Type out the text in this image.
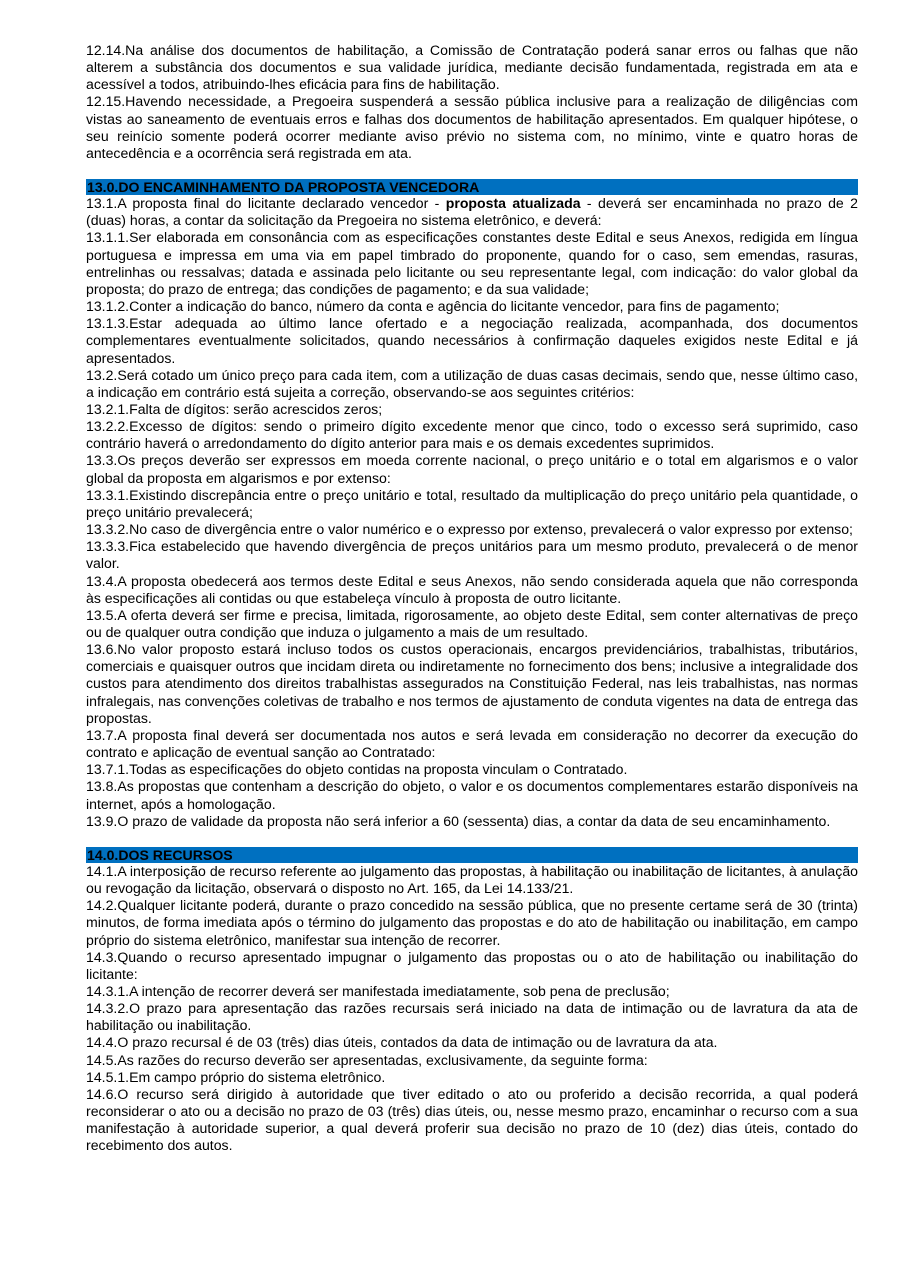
12.14.Na análise dos documentos de habilitação, a Comissão de Contratação poderá sanar erros ou falhas que não alterem a substância dos documentos e sua validade jurídica, mediante decisão fundamentada, registrada em ata e acessível a todos, atribuindo-lhes eficácia para fins de habilitação.

12.15.Havendo necessidade, a Pregoeira suspenderá a sessão pública inclusive para a realização de diligências com vistas ao saneamento de eventuais erros e falhas dos documentos de habilitação apresentados. Em qualquer hipótese, o seu reinício somente poderá ocorrer mediante aviso prévio no sistema com, no mínimo, vinte e quatro horas de antecedência e a ocorrência será registrada em ata.

13.0.DO ENCAMINHAMENTO DA PROPOSTA VENCEDORA

13.1.A proposta final do licitante declarado vencedor - proposta atualizada - deverá ser encaminhada no prazo de 2 (duas) horas, a contar da solicitação da Pregoeira no sistema eletrônico, e deverá:

13.1.1.Ser elaborada em consonância com as especificações constantes deste Edital e seus Anexos, redigida em língua portuguesa e impressa em uma via em papel timbrado do proponente, quando for o caso, sem emendas, rasuras, entrelinhas ou ressalvas; datada e assinada pelo licitante ou seu representante legal, com indicação: do valor global da proposta; do prazo de entrega; das condições de pagamento; e da sua validade;

13.1.2.Conter a indicação do banco, número da conta e agência do licitante vencedor, para fins de pagamento;

13.1.3.Estar adequada ao último lance ofertado e a negociação realizada, acompanhada, dos documentos complementares eventualmente solicitados, quando necessários à confirmação daqueles exigidos neste Edital e já apresentados.

13.2.Será cotado um único preço para cada item, com a utilização de duas casas decimais, sendo que, nesse último caso, a indicação em contrário está sujeita a correção, observando-se aos seguintes critérios:

13.2.1.Falta de dígitos: serão acrescidos zeros;

13.2.2.Excesso de dígitos: sendo o primeiro dígito excedente menor que cinco, todo o excesso será suprimido, caso contrário haverá o arredondamento do dígito anterior para mais e os demais excedentes suprimidos.

13.3.Os preços deverão ser expressos em moeda corrente nacional, o preço unitário e o total em algarismos e o valor global da proposta em algarismos e por extenso:

13.3.1.Existindo discrepância entre o preço unitário e total, resultado da multiplicação do preço unitário pela quantidade, o preço unitário prevalecerá;

13.3.2.No caso de divergência entre o valor numérico e o expresso por extenso, prevalecerá o valor expresso por extenso;

13.3.3.Fica estabelecido que havendo divergência de preços unitários para um mesmo produto, prevalecerá o de menor valor.

13.4.A proposta obedecerá aos termos deste Edital e seus Anexos, não sendo considerada aquela que não corresponda às especificações ali contidas ou que estabeleça vínculo à proposta de outro licitante.

13.5.A oferta deverá ser firme e precisa, limitada, rigorosamente, ao objeto deste Edital, sem conter alternativas de preço ou de qualquer outra condição que induza o julgamento a mais de um resultado.

13.6.No valor proposto estará incluso todos os custos operacionais, encargos previdenciários, trabalhistas, tributários, comerciais e quaisquer outros que incidam direta ou indiretamente no fornecimento dos bens; inclusive a integralidade dos custos para atendimento dos direitos trabalhistas assegurados na Constituição Federal, nas leis trabalhistas, nas normas infralegais, nas convenções coletivas de trabalho e nos termos de ajustamento de conduta vigentes na data de entrega das propostas.

13.7.A proposta final deverá ser documentada nos autos e será levada em consideração no decorrer da execução do contrato e aplicação de eventual sanção ao Contratado:

13.7.1.Todas as especificações do objeto contidas na proposta vinculam o Contratado.

13.8.As propostas que contenham a descrição do objeto, o valor e os documentos complementares estarão disponíveis na internet, após a homologação.

13.9.O prazo de validade da proposta não será inferior a 60 (sessenta) dias, a contar da data de seu encaminhamento.

14.0.DOS RECURSOS

14.1.A interposição de recurso referente ao julgamento das propostas, à habilitação ou inabilitação de licitantes, à anulação ou revogação da licitação, observará o disposto no Art. 165, da Lei 14.133/21.

14.2.Qualquer licitante poderá, durante o prazo concedido na sessão pública, que no presente certame será de 30 (trinta) minutos, de forma imediata após o término do julgamento das propostas e do ato de habilitação ou inabilitação, em campo próprio do sistema eletrônico, manifestar sua intenção de recorrer.

14.3.Quando o recurso apresentado impugnar o julgamento das propostas ou o ato de habilitação ou inabilitação do licitante:

14.3.1.A intenção de recorrer deverá ser manifestada imediatamente, sob pena de preclusão;

14.3.2.O prazo para apresentação das razões recursais será iniciado na data de intimação ou de lavratura da ata de habilitação ou inabilitação.

14.4.O prazo recursal é de 03 (três) dias úteis, contados da data de intimação ou de lavratura da ata.

14.5.As razões do recurso deverão ser apresentadas, exclusivamente, da seguinte forma:

14.5.1.Em campo próprio do sistema eletrônico.

14.6.O recurso será dirigido à autoridade que tiver editado o ato ou proferido a decisão recorrida, a qual poderá reconsiderar o ato ou a decisão no prazo de 03 (três) dias úteis, ou, nesse mesmo prazo, encaminhar o recurso com a sua manifestação à autoridade superior, a qual deverá proferir sua decisão no prazo de 10 (dez) dias úteis, contado do recebimento dos autos.
